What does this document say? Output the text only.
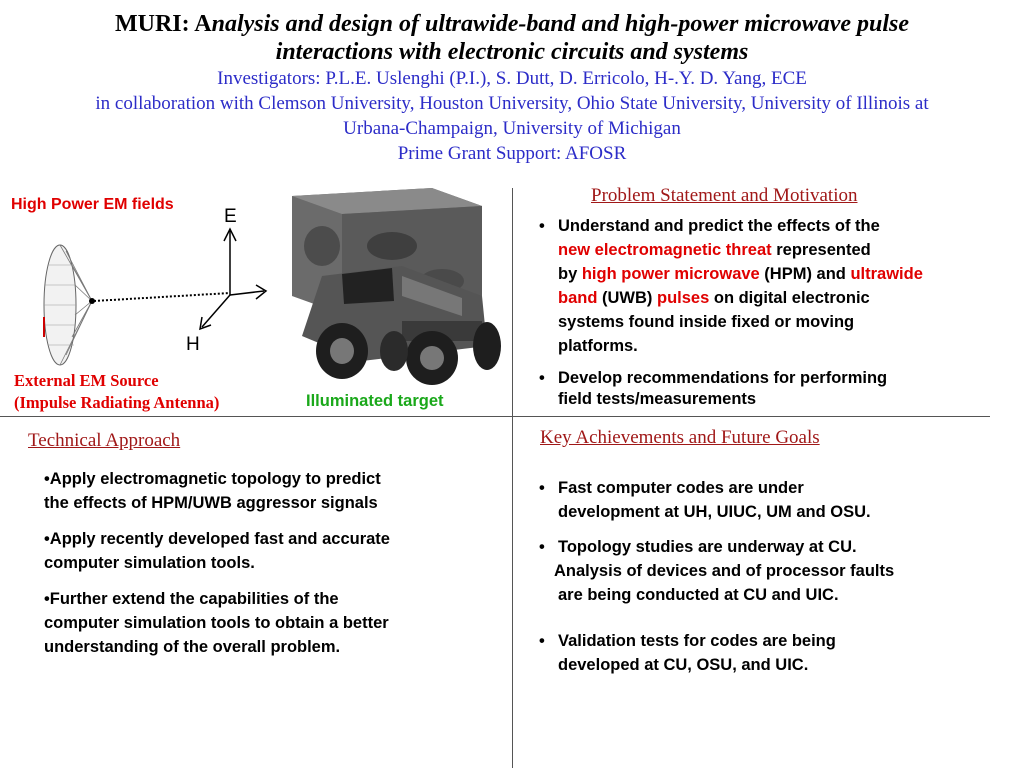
MURI: Analysis and design of ultrawide-band and high-power microwave pulse
interactions with electronic circuits and systems
Investigators: P.L.E. Uslenghi (P.I.), S. Dutt, D. Erricolo, H-.Y. D. Yang, ECE
in collaboration with Clemson University, Houston University, Ohio State University, University of Illinois at
Urbana-Champaign, University of Michigan
Prime Grant Support: AFOSR
High Power EM fields
E
H
External EM Source
(Impulse Radiating Antenna)	Illuminated target
Problem Statement and Motivation
• Understand and predict the effects of the
new electromagnetic threat represented
by high power microwave (HPM) and ultrawide
band (UWB) pulses on digital electronic
systems found inside fixed or moving
platforms.
• Develop recommendations for performing
field tests/measurements
Technical Approach
•Apply electromagnetic topology to predict
the effects of HPM/UWB aggressor signals
•Apply recently developed fast and accurate
computer simulation tools.
•Further extend the capabilities of the
computer simulation tools to obtain a better
understanding of the overall problem.
Key Achievements and Future Goals
• Fast computer codes are under
development at UH, UIUC, UM and OSU.
• Topology studies are underway at CU.
Analysis of devices and of processor faults
are being conducted at CU and UIC.
• Validation tests for codes are being
developed at CU, OSU, and UIC.
